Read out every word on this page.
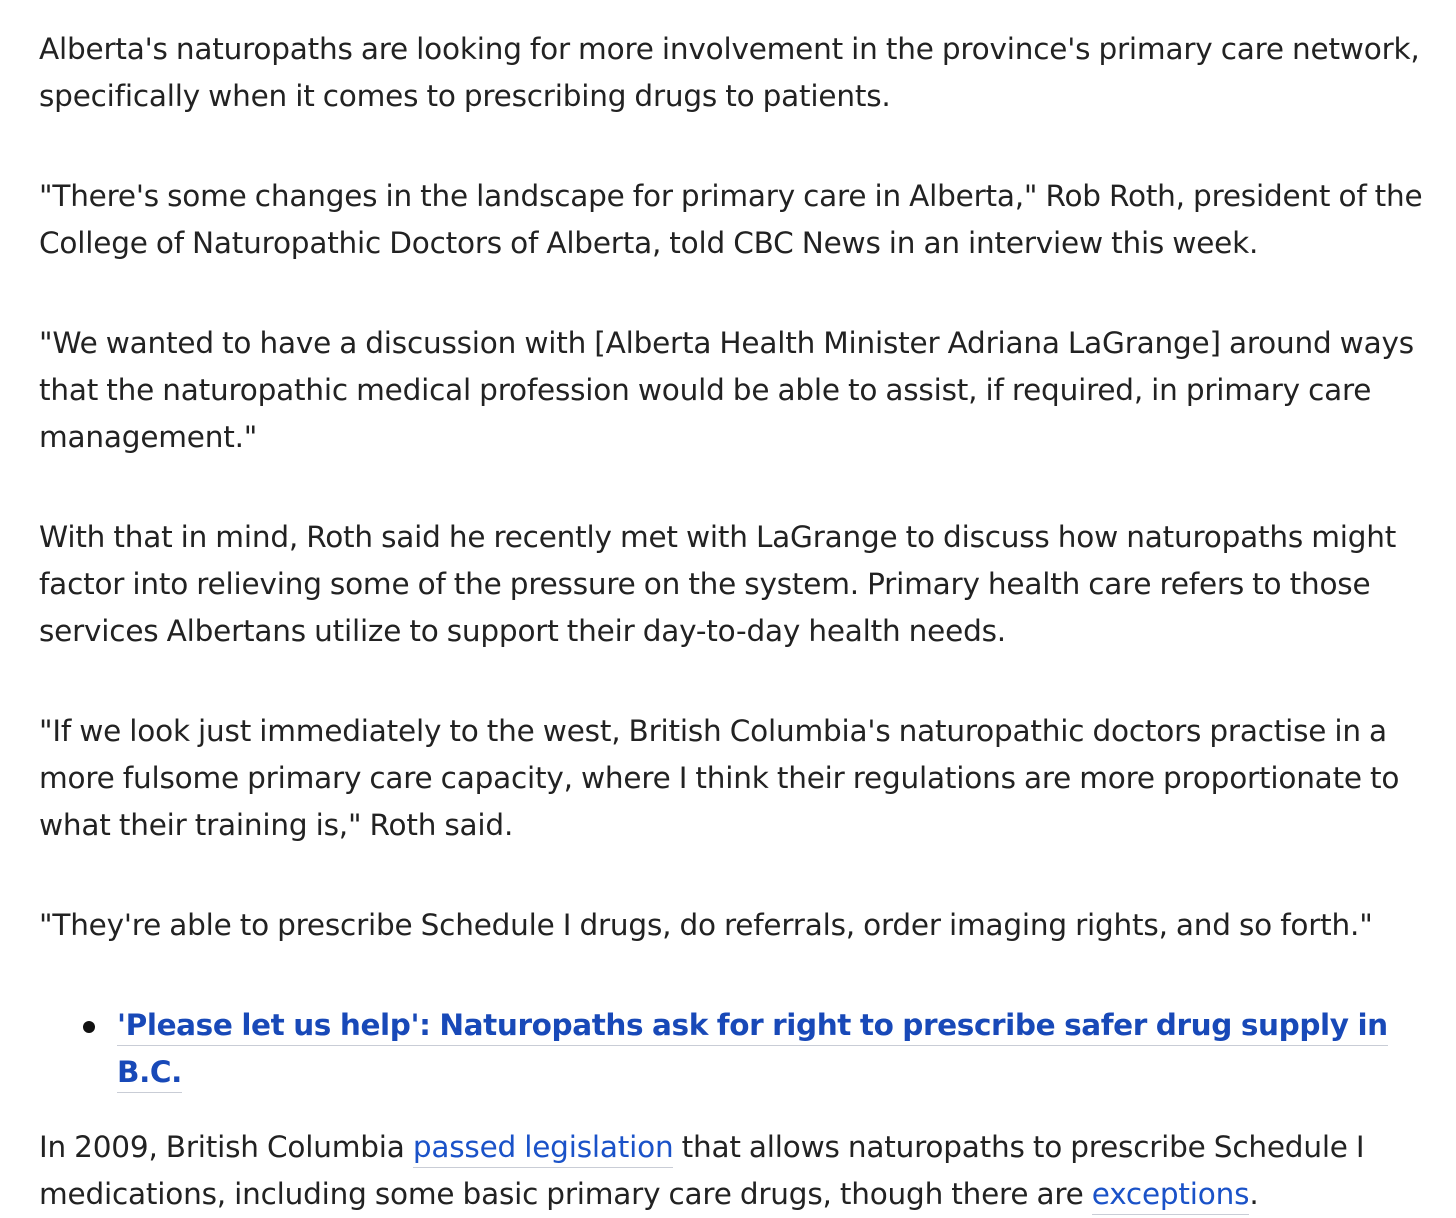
Alberta's naturopaths are looking for more involvement in the province's primary care network, specifically when it comes to prescribing drugs to patients.

"There's some changes in the landscape for primary care in Alberta," Rob Roth, president of the College of Naturopathic Doctors of Alberta, told CBC News in an interview this week.

"We wanted to have a discussion with [Alberta Health Minister Adriana LaGrange] around ways that the naturopathic medical profession would be able to assist, if required, in primary care management."

With that in mind, Roth said he recently met with LaGrange to discuss how naturopaths might factor into relieving some of the pressure on the system. Primary health care refers to those services Albertans utilize to support their day-to-day health needs.

"If we look just immediately to the west, British Columbia's naturopathic doctors practise in a more fulsome primary care capacity, where I think their regulations are more proportionate to what their training is," Roth said.

"They're able to prescribe Schedule I drugs, do referrals, order imaging rights, and so forth."

'Please let us help': Naturopaths ask for right to prescribe safer drug supply in B.C.

In 2009, British Columbia passed legislation that allows naturopaths to prescribe Schedule I medications, including some basic primary care drugs, though there are exceptions.
